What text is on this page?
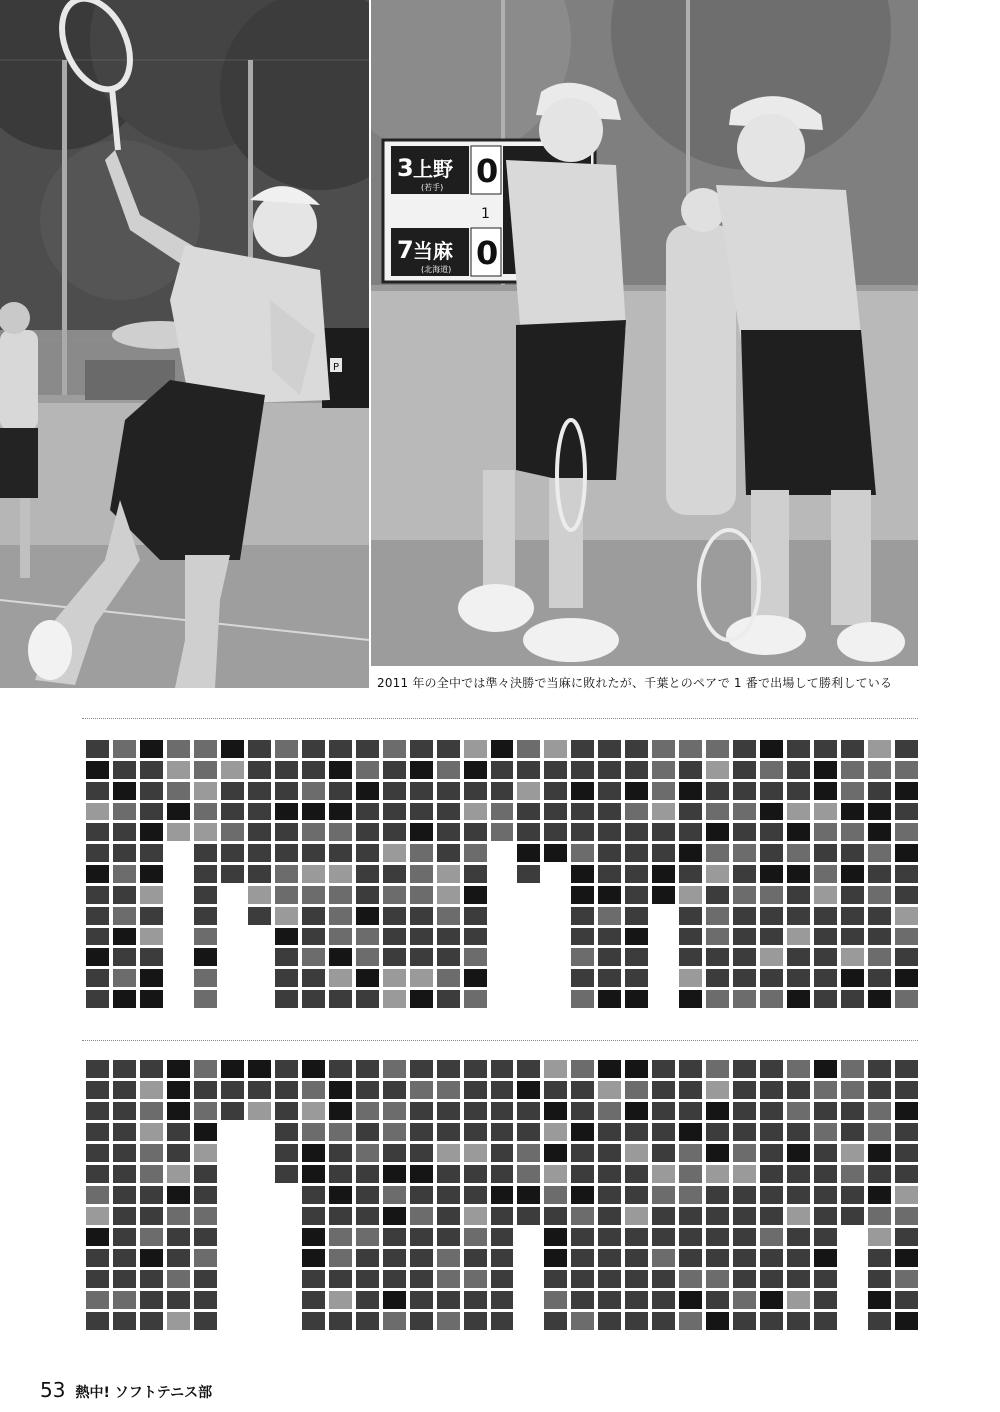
P
3 上野
(若手) 0
7 当麻
(北海道) 0
1
2011 年の全中では準々決勝で当麻に敗れたが、千葉とのペアで 1 番で出場して勝利している
53 熱中! ソフトテニス部
